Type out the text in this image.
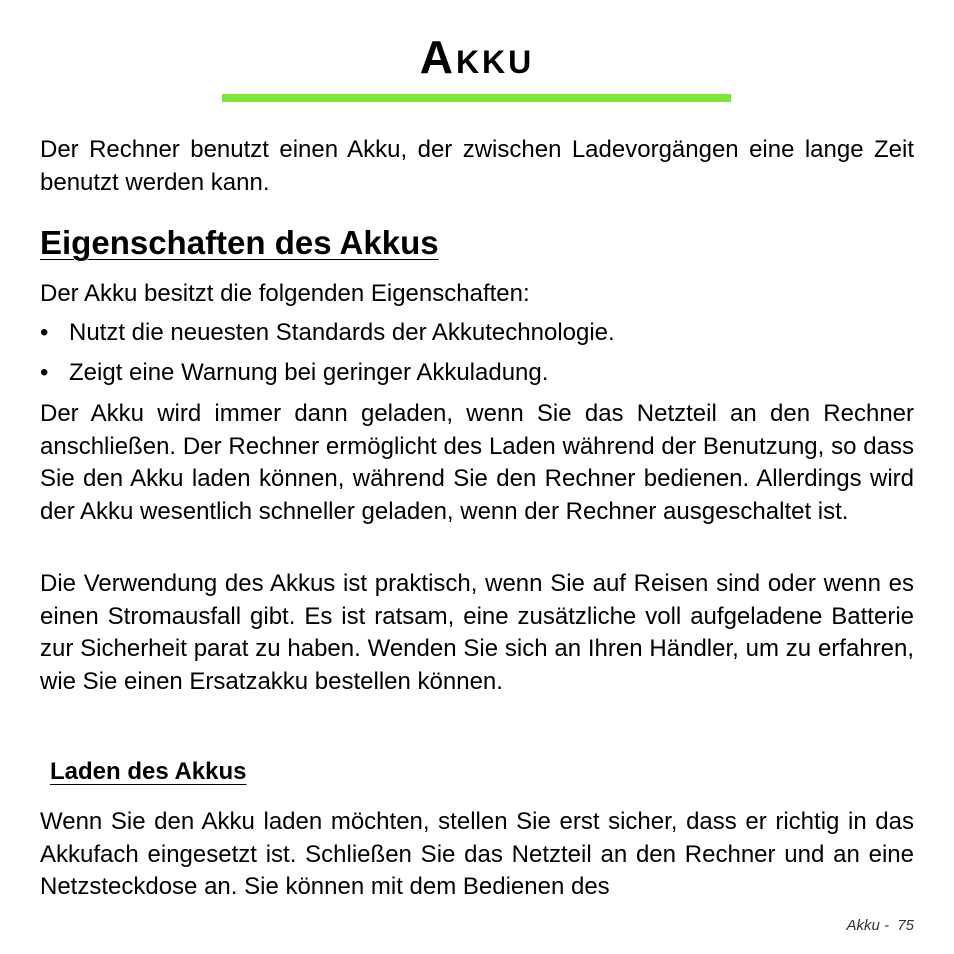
Akku

Der Rechner benutzt einen Akku, der zwischen Ladevorgängen eine lange Zeit benutzt werden kann.

Eigenschaften des Akkus

Der Akku besitzt die folgenden Eigenschaften:

• Nutzt die neuesten Standards der Akkutechnologie.
• Zeigt eine Warnung bei geringer Akkuladung.

Der Akku wird immer dann geladen, wenn Sie das Netzteil an den Rechner anschließen. Der Rechner ermöglicht des Laden während der Benutzung, so dass Sie den Akku laden können, während Sie den Rechner bedienen. Allerdings wird der Akku wesentlich schneller geladen, wenn der Rechner ausgeschaltet ist.

Die Verwendung des Akkus ist praktisch, wenn Sie auf Reisen sind oder wenn es einen Stromausfall gibt. Es ist ratsam, eine zusätzliche voll aufgeladene Batterie zur Sicherheit parat zu haben. Wenden Sie sich an Ihren Händler, um zu erfahren, wie Sie einen Ersatzakku bestellen können.

Laden des Akkus

Wenn Sie den Akku laden möchten, stellen Sie erst sicher, dass er richtig in das Akkufach eingesetzt ist. Schließen Sie das Netzteil an den Rechner und an eine Netzsteckdose an. Sie können mit dem Bedienen des

Akku - 75
